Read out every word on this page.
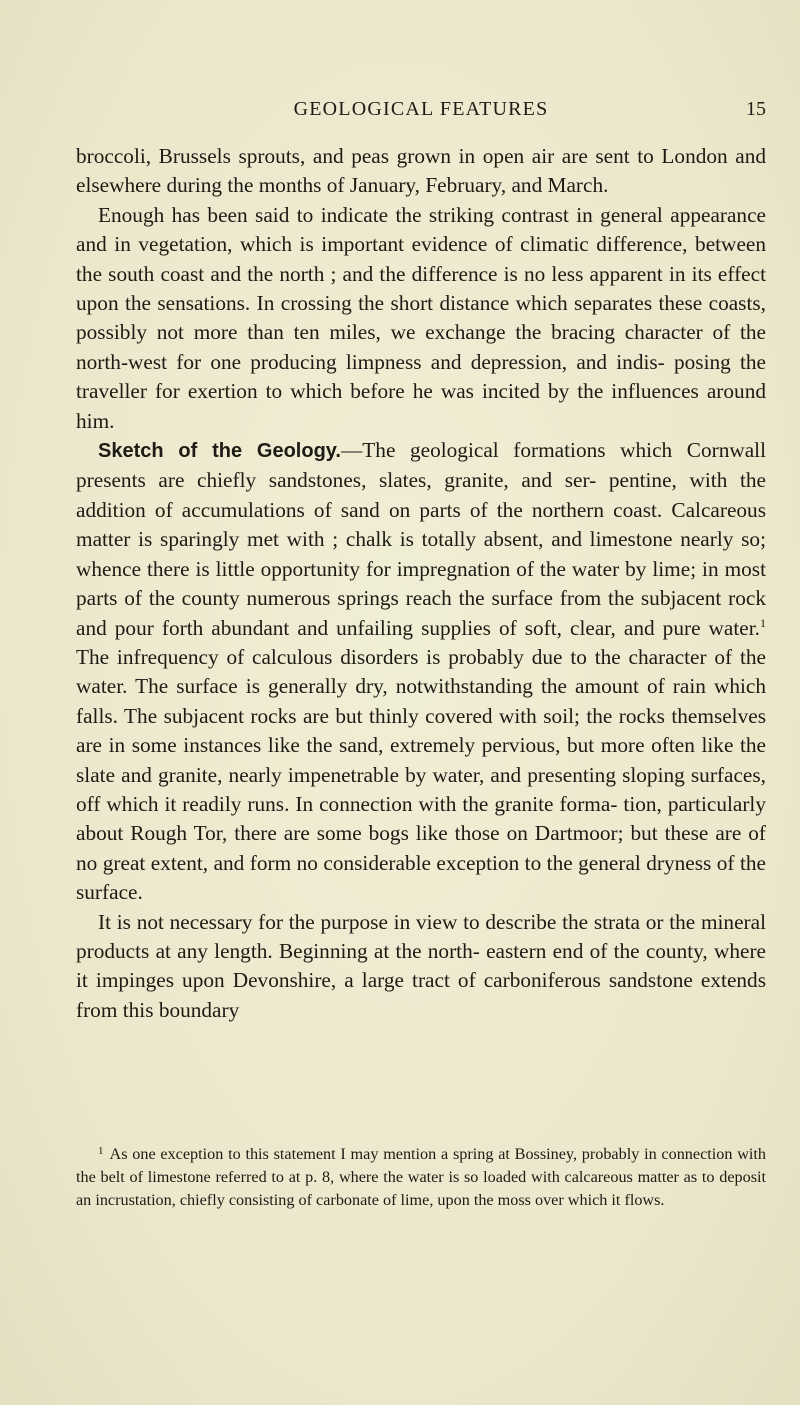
GEOLOGICAL FEATURES	15

broccoli, Brussels sprouts, and peas grown in open air are sent to London and elsewhere during the months of January, February, and March.

Enough has been said to indicate the striking contrast in general appearance and in vegetation, which is important evidence of climatic difference, between the south coast and the north ; and the difference is no less apparent in its effect upon the sensations. In crossing the short distance which separates these coasts, possibly not more than ten miles, we exchange the bracing character of the north-west for one producing limpness and depression, and indis- posing the traveller for exertion to which before he was incited by the influences around him.

Sketch of the Geology.—The geological formations which Cornwall presents are chiefly sandstones, slates, granite, and ser- pentine, with the addition of accumulations of sand on parts of the northern coast. Calcareous matter is sparingly met with ; chalk is totally absent, and limestone nearly so; whence there is little opportunity for impregnation of the water by lime; in most parts of the county numerous springs reach the surface from the subjacent rock and pour forth abundant and unfailing supplies of soft, clear, and pure water.$^1$ The infrequency of calculous disorders is probably due to the character of the water. The surface is generally dry, notwithstanding the amount of rain which falls. The subjacent rocks are but thinly covered with soil; the rocks themselves are in some instances like the sand, extremely pervious, but more often like the slate and granite, nearly impenetrable by water, and presenting sloping surfaces, off which it readily runs. In connection with the granite forma- tion, particularly about Rough Tor, there are some bogs like those on Dartmoor; but these are of no great extent, and form no considerable exception to the general dryness of the surface.

It is not necessary for the purpose in view to describe the strata or the mineral products at any length. Beginning at the north- eastern end of the county, where it impinges upon Devonshire, a large tract of carboniferous sandstone extends from this boundary

$^1$ As one exception to this statement I may mention a spring at Bossiney, probably in connection with the belt of limestone referred to at p. 8, where the water is so loaded with calcareous matter as to deposit an incrustation, chiefly consisting of carbonate of lime, upon the moss over which it flows.
